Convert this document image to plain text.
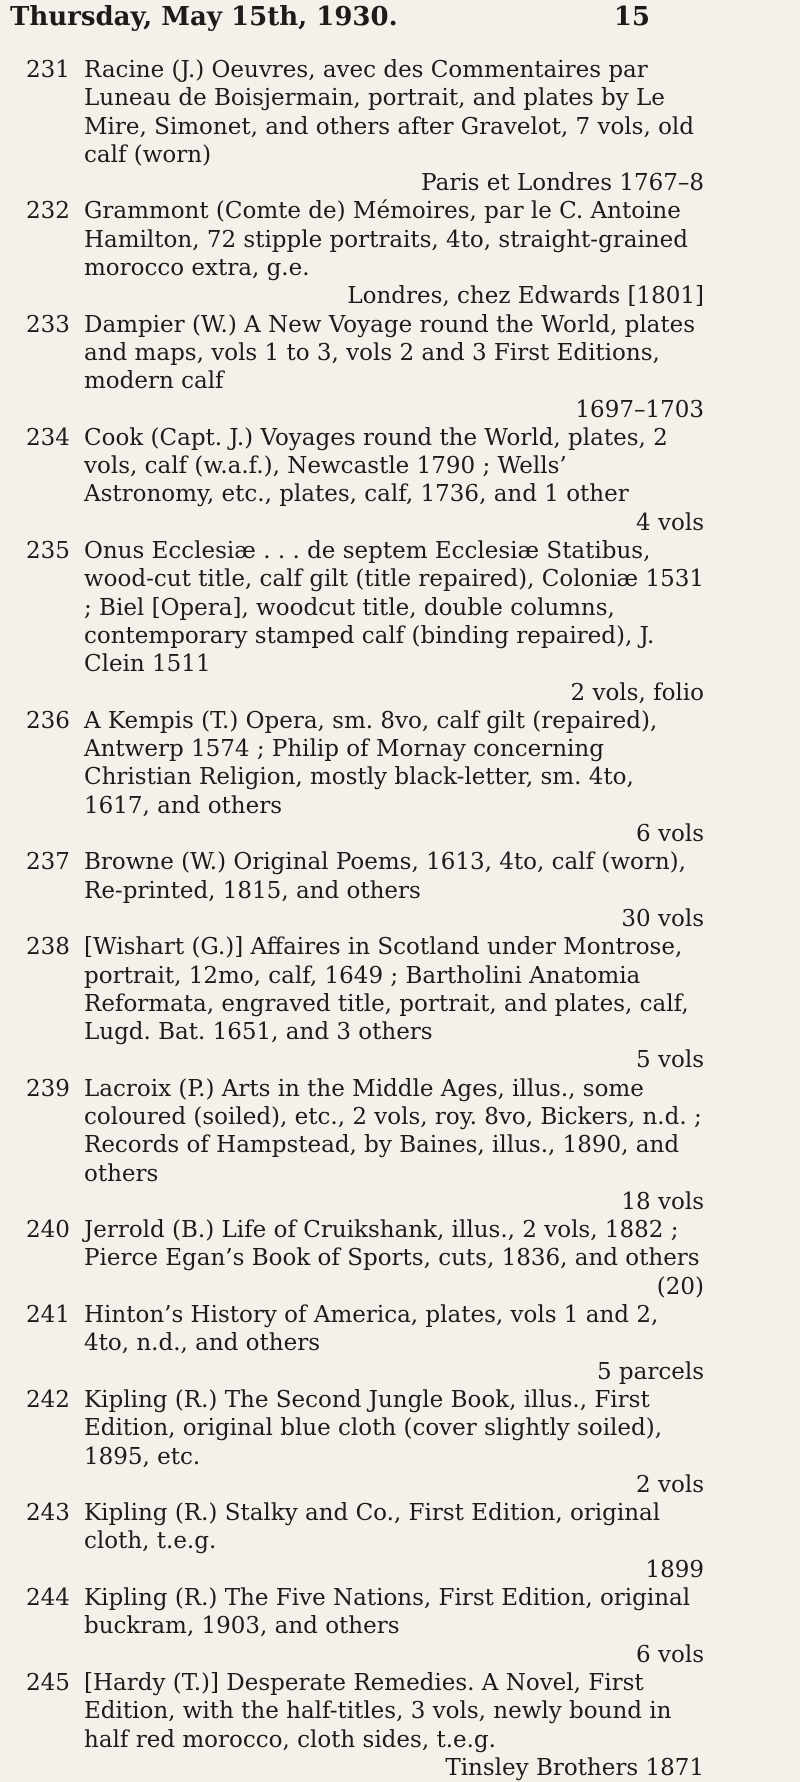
Thursday, May 15th, 1930.	15
231 Racine (J.) Oeuvres, avec des Commentaires par Luneau de Boisjermain, portrait, and plates by Le Mire, Simonet, and others after Gravelot, 7 vols, old calf (worn)
Paris et Londres 1767–8
232 Grammont (Comte de) Mémoires, par le C. Antoine Hamilton, 72 stipple portraits, 4to, straight-grained morocco extra, g.e.
Londres, chez Edwards [1801]
233 Dampier (W.) A New Voyage round the World, plates and maps, vols 1 to 3, vols 2 and 3 First Editions, modern calf
1697–1703
234 Cook (Capt. J.) Voyages round the World, plates, 2 vols, calf (w.a.f.), Newcastle 1790 ; Wells’ Astronomy, etc., plates, calf, 1736, and 1 other
4 vols
235 Onus Ecclesiæ . . . de septem Ecclesiæ Statibus, wood-cut title, calf gilt (title repaired), Coloniæ 1531 ; Biel [Opera], woodcut title, double columns, contemporary stamped calf (binding repaired), J. Clein 1511
2 vols, folio
236 A Kempis (T.) Opera, sm. 8vo, calf gilt (repaired), Antwerp 1574 ; Philip of Mornay concerning Christian Religion, mostly black-letter, sm. 4to, 1617, and others
6 vols
237 Browne (W.) Original Poems, 1613, 4to, calf (worn), Re-printed, 1815, and others
30 vols
238 [Wishart (G.)] Affaires in Scotland under Montrose, portrait, 12mo, calf, 1649 ; Bartholini Anatomia Reformata, engraved title, portrait, and plates, calf, Lugd. Bat. 1651, and 3 others
5 vols
239 Lacroix (P.) Arts in the Middle Ages, illus., some coloured (soiled), etc., 2 vols, roy. 8vo, Bickers, n.d. ; Records of Hampstead, by Baines, illus., 1890, and others
18 vols
240 Jerrold (B.) Life of Cruikshank, illus., 2 vols, 1882 ; Pierce Egan’s Book of Sports, cuts, 1836, and others
(20)
241 Hinton’s History of America, plates, vols 1 and 2, 4to, n.d., and others
5 parcels
242 Kipling (R.) The Second Jungle Book, illus., First Edition, original blue cloth (cover slightly soiled), 1895, etc.
2 vols
243 Kipling (R.) Stalky and Co., First Edition, original cloth, t.e.g.
1899
244 Kipling (R.) The Five Nations, First Edition, original buckram, 1903, and others
6 vols
245 [Hardy (T.)] Desperate Remedies. A Novel, First Edition, with the half-titles, 3 vols, newly bound in half red morocco, cloth sides, t.e.g.
Tinsley Brothers 1871
